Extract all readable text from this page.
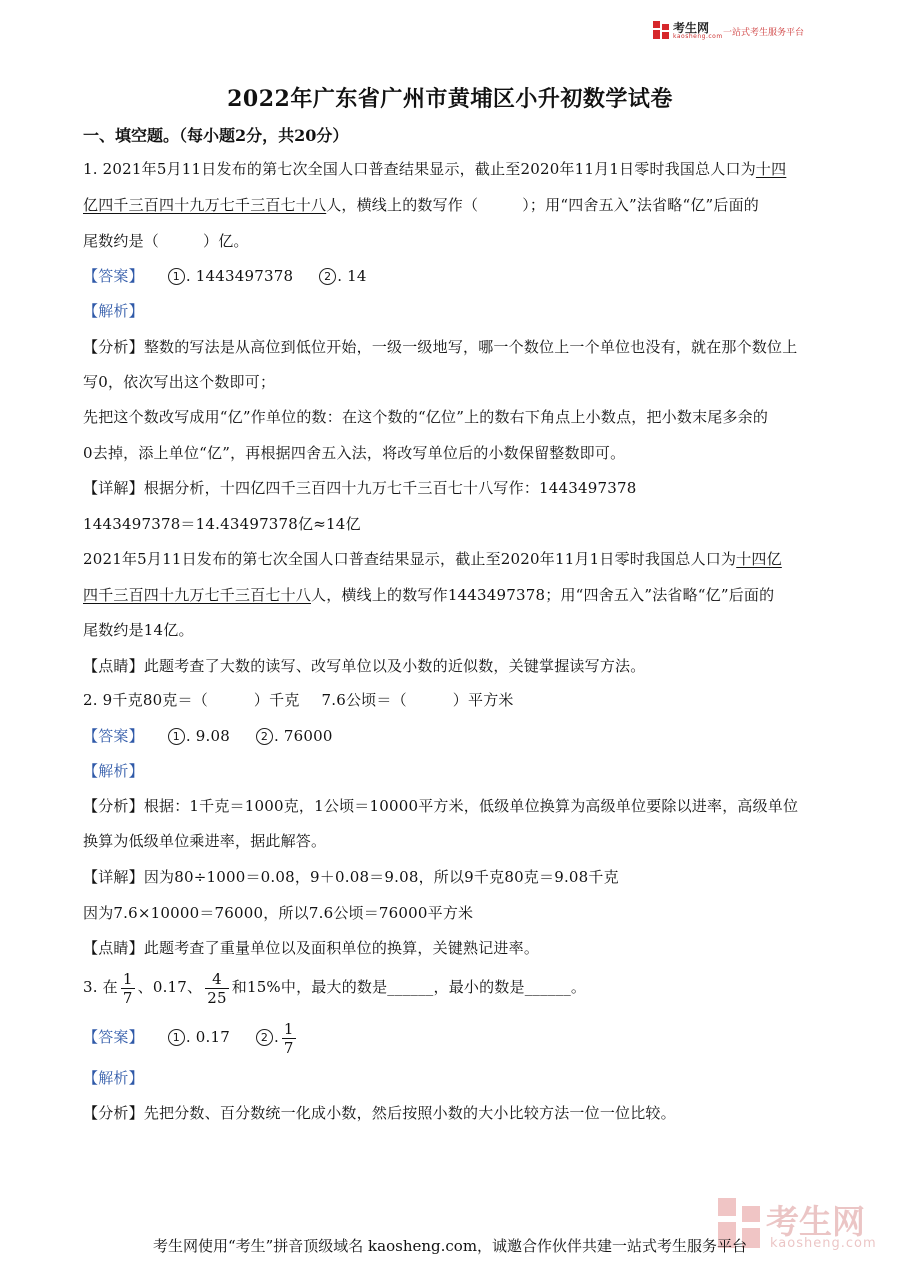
考生网
kaosheng.com 一站式考生服务平台
2022年广东省广州市黄埔区小升初数学试卷
一、填空题。（每小题2分，共20分）
1. 2021年5月11日发布的第七次全国人口普查结果显示，截止至2020年11月1日零时我国总人口为十四
亿四千三百四十九万七千三百七十八人，横线上的数写作（	）；用“四舍五入”法省略“亿”后面的
尾数约是（	）亿。
【答案】	1 . 1443497378	2 . 14
【解析】
【分析】整数的写法是从高位到低位开始，一级一级地写，哪一个数位上一个单位也没有，就在那个数位上
写0，依次写出这个数即可；
先把这个数改写成用“亿”作单位的数：在这个数的“亿位”上的数右下角点上小数点，把小数末尾多余的
0去掉，添上单位“亿”，再根据四舍五入法，将改写单位后的小数保留整数即可。
【详解】根据分析，十四亿四千三百四十九万七千三百七十八写作：1443497378
1443497378＝14.43497378亿≈14亿
2021年5月11日发布的第七次全国人口普查结果显示，截止至2020年11月1日零时我国总人口为十四亿
四千三百四十九万七千三百七十八人，横线上的数写作1443497378；用“四舍五入”法省略“亿”后面的
尾数约是14亿。
【点睛】此题考查了大数的读写、改写单位以及小数的近似数，关键掌握读写方法。
2. 9千克80克＝（	）千克 7.6公顷＝（	）平方米
【答案】	1 . 9.08	2 . 76000
【解析】
【分析】根据：1千克＝1000克，1公顷＝10000平方米，低级单位换算为高级单位要除以进率，高级单位
换算为低级单位乘进率，据此解答。
【详解】因为80÷1000＝0.08，9＋0.08＝9.08，所以9千克80克＝9.08千克
因为7.6×10000＝76000，所以7.6公顷＝76000平方米
【点睛】此题考查了重量单位以及面积单位的换算，关键熟记进率。
3. 在 $\frac{1}{7}$ 、0.17、 $\frac{4}{25}$ 和15%中，最大的数是______，最小的数是______。
【答案】	1 . 0.17	2 . $\frac{1}{7}$
【解析】
【分析】先把分数、百分数统一化成小数，然后按照小数的大小比较方法一位一位比较。
考生网
kaosheng.com
考生网使用“考生”拼音顶级域名 kaosheng.com，诚邀合作伙伴共建一站式考生服务平台
